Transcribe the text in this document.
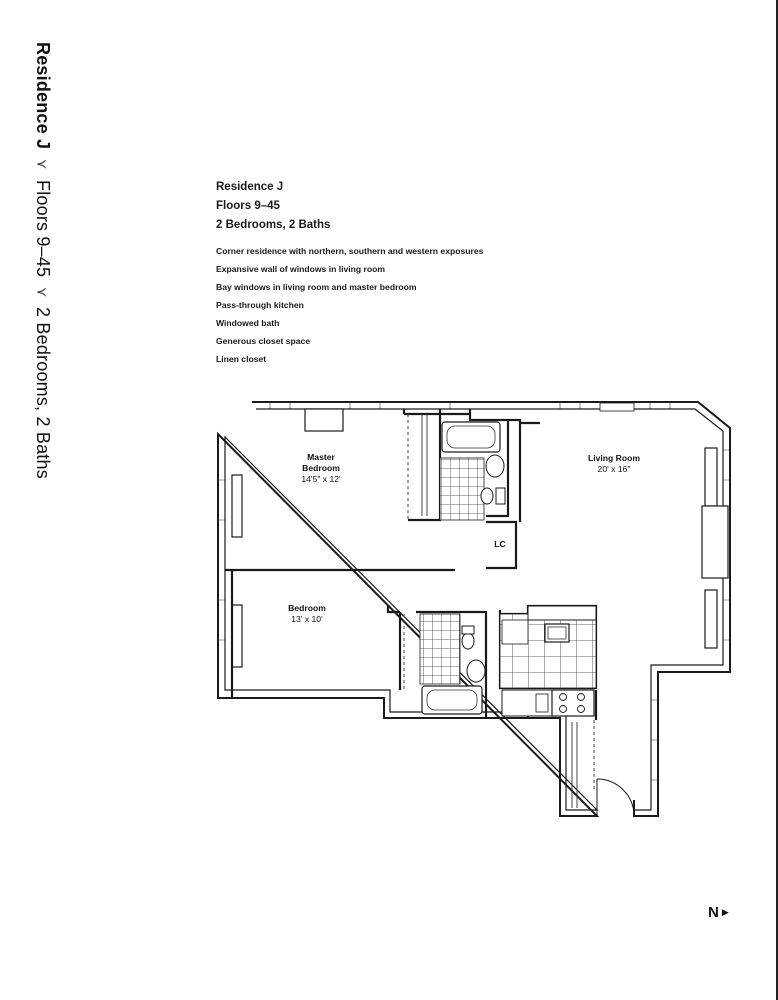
Residence J
⋎
Floors 9–45
⋎
2 Bedrooms, 2 Baths
Residence J
Floors 9–45
2 Bedrooms, 2 Baths
Corner residence with northern, southern and western exposures
Expansive wall of windows in living room
Bay windows in living room and master bedroom
Pass-through kitchen
Windowed bath
Generous closet space
Linen closet
Master
Bedroom
14'5" x 12'
Living Room
20' x 16"
Bedroom
13' x 10'
LC
N ▶
